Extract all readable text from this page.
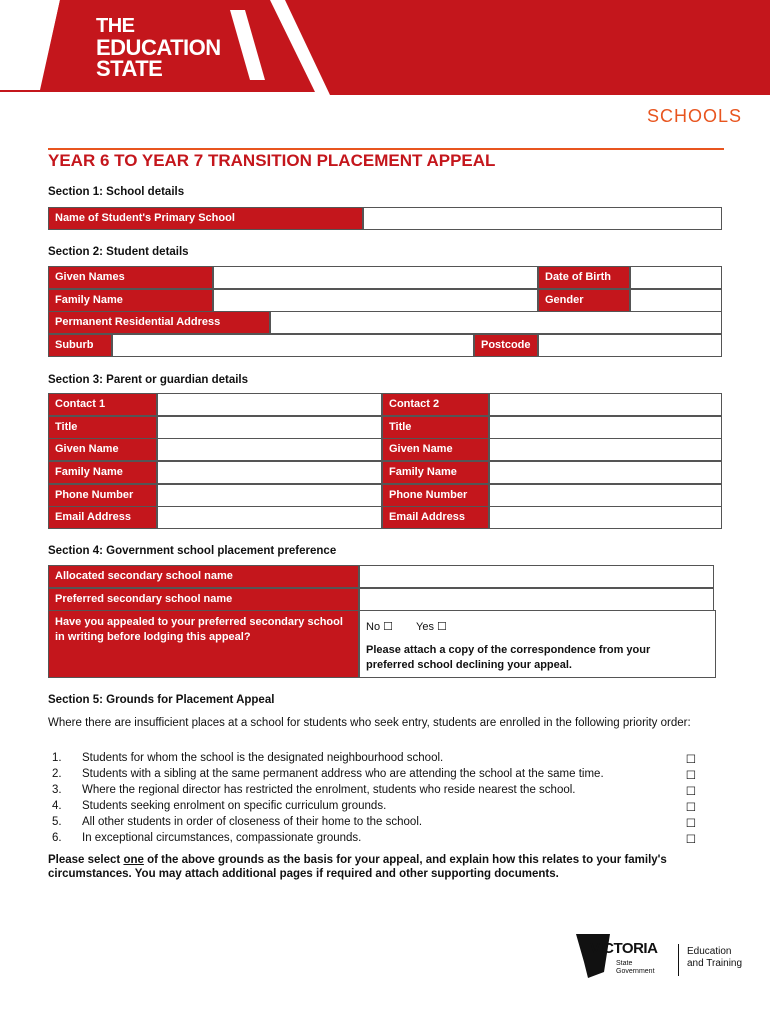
THE
EDUCATION
STATE
SCHOOLS
YEAR 6 TO YEAR 7 TRANSITION PLACEMENT APPEAL
Section 1: School details
Name of Student's Primary School
Section 2: Student details
Given Names	Date of Birth
Family Name	Gender
Permanent Residential Address
Suburb	Postcode
Section 3: Parent or guardian details
Contact 1	Contact 2
Title	Title
Given Name	Given Name
Family Name	Family Name
Phone Number	Phone Number
Email Address	Email Address
Section 4: Government school placement preference
Allocated secondary school name
Preferred secondary school name
Have you appealed to your preferred secondary school in writing before lodging this appeal?
No ☐ Yes ☐
Please attach a copy of the correspondence from your preferred school declining your appeal.
Section 5: Grounds for Placement Appeal
Where there are insufficient places at a school for students who seek entry, students are enrolled in the following priority order:
1.	Students for whom the school is the designated neighbourhood school.	☐
2.	Students with a sibling at the same permanent address who are attending the school at the same time.	☐
3.	Where the regional director has restricted the enrolment, students who reside nearest the school.	☐
4.	Students seeking enrolment on specific curriculum grounds.	☐
5.	All other students in order of closeness of their home to the school.	☐
6.	In exceptional circumstances, compassionate grounds.	☐
Please select one of the above grounds as the basis for your appeal, and explain how this relates to your family's circumstances. You may attach additional pages if required and other supporting documents.
VICTORIA
State
Government
Education
and Training
